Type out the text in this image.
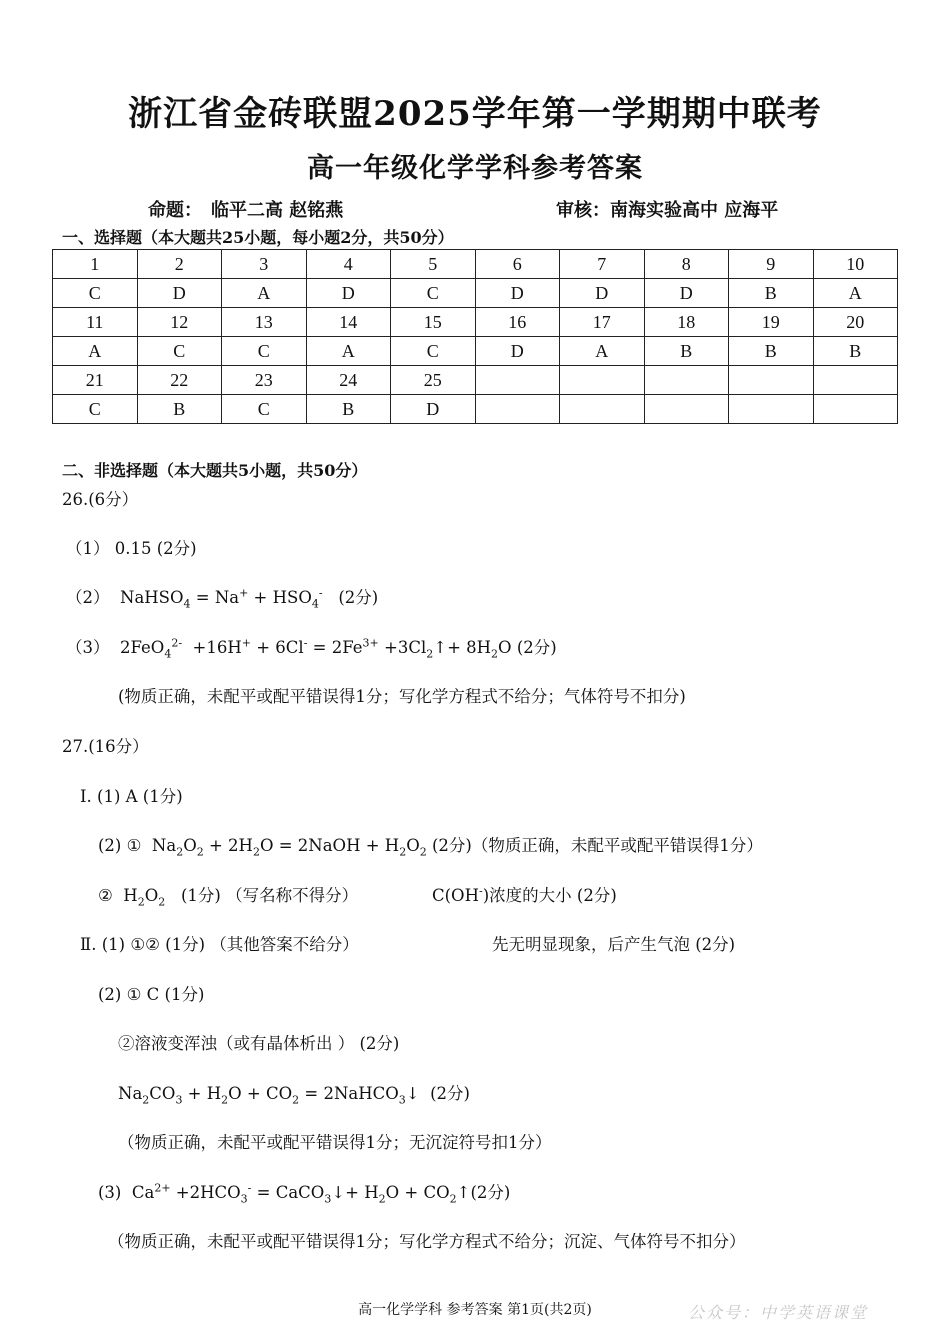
浙江省金砖联盟2025学年第一学期期中联考
高一年级化学学科参考答案
命题：　临平二高 赵铭燕	审核：南海实验高中 应海平
一、选择题（本大题共25小题，每小题2分，共50分）
1	2	3	4	5	6	7	8	9	10
C	D	A	D	C	D	D	D	B	A
11	12	13	14	15	16	17	18	19	20
A	C	C	A	C	D	A	B	B	B
21	22	23	24	25					
C	B	C	B	D					
二、非选择题（本大题共5小题，共50分）
26.(6分）
（1） 0.15 (2分)
（2） NaHSO$_4$ = $Na^+ + HSO_4^-$ (2分)
（3） $2FeO_4^{2-} +16H^+ + 6Cl^- = 2Fe^{3+}$ $+3Cl_2↑+ 8H_2O$ (2分)
(物质正确，未配平或配平错误得1分；写化学方程式不给分；气体符号不扣分)
27.(16分）
I. (1) A (1分)
(2) ① $Na_2O_2 + 2H_2O$ = 2NaOH + $H_2O_2$ (2分)（物质正确，未配平或配平错误得1分）
② $H_2O_2$ (1分) （写名称不得分）	C(OH-)浓度的大小 (2分)
Ⅱ. (1) ①② (1分) （其他答案不给分）	先无明显现象，后产生气泡 (2分)
(2) ① C (1分)
②溶液变浑浊（或有晶体析出 ） (2分)
$Na_2CO_3 + H_2O + CO_2$ = 2NaHCO$_3$↓ (2分)
（物质正确，未配平或配平错误得1分；无沉淀符号扣1分）
(3) $Ca^{2+} +2HCO_3^-$ = CaCO$_3$↓+ $H_2O$ + $CO_2↑(2$分)
（物质正确，未配平或配平错误得1分；写化学方程式不给分；沉淀、气体符号不扣分）
高一化学学科 参考答案 第1页(共2页)	公众号：中学英语课堂
